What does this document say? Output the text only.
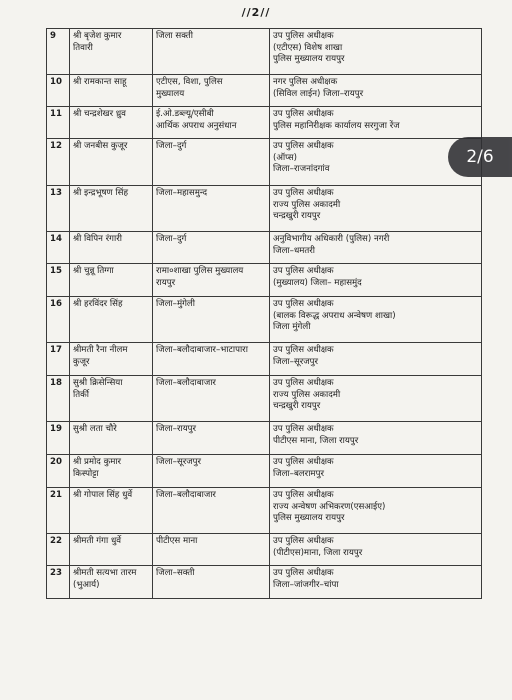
//2//
9	श्री बृजेश कुमार
तिवारी	जिला सक्ती	उप पुलिस अधीक्षक
(एटीएस) विशेष शाखा
पुलिस मुख्यालय रायपुर

10	श्री रामकान्त साहू	एटीएस, विशा, पुलिस
मुख्यालय	नगर पुलिस अधीक्षक
(सिविल लाईन) जिला–रायपुर

11	श्री चन्द्रशेखर ध्रुव	ई.ओ.डब्ल्यू/एसीबी
आर्थिक अपराध अनुसंधान	उप पुलिस अधीक्षक
पुलिस महानिरीक्षक कार्यालय सरगुजा रेंज

12	श्री जनबीस कुजूर	जिला–दुर्ग	उप पुलिस अधीक्षक
(ऑप्स)
जिला–राजनांदगांव

13	श्री इन्द्रभूषण सिंह	जिला–महासमुन्द	उप पुलिस अधीक्षक
राज्य पुलिस अकादमी
चन्द्रखुरी रायपुर

14	श्री विपिन रंगारी	जिला–दुर्ग	अनुविभागीय अधिकारी (पुलिस) नगरी
जिला–धमतरी

15	श्री चुन्नू तिग्गा	रामा०शाखा पुलिस मुख्यालय
रायपुर	उप पुलिस अधीक्षक
(मुख्यालय) जिला– महासमुंद

16	श्री हरविंदर सिंह	जिला–मुंगेली	उप पुलिस अधीक्षक
(बालक विरूद्ध अपराध अन्वेषण शाखा)
जिला मुंगेली

17	श्रीमती रैना नीलम
कुजूर	जिला–बलौदाबाजार–भाटापारा	उप पुलिस अधीक्षक
जिला–सूरजपुर

18	सुश्री क्रिसेन्सिया
तिर्की	जिला–बलौदाबाजार	उप पुलिस अधीक्षक
राज्य पुलिस अकादमी
चन्द्रखुरी रायपुर

19	सुश्री लता चौरे	जिला–रायपुर	उप पुलिस अधीक्षक
पीटीएस माना, जिला रायपुर

20	श्री प्रमोद कुमार
किस्पोट्टा	जिला–सूरजपुर	उप पुलिस अधीक्षक
जिला–बलरामपुर

21	श्री गोपाल सिंह धुर्वे	जिला–बलौदाबाजार	उप पुलिस अधीक्षक
राज्य अन्वेषण अभिकरण(एसआईए)
पुलिस मुख्यालय रायपुर

22	श्रीमती गंगा धुर्वे	पीटीएस माना	उप पुलिस अधीक्षक
(पीटीएस)माना, जिला रायपुर

23	श्रीमती सत्यभा तारम
(भुआर्य)	जिला–सक्ती	उप पुलिस अधीक्षक
जिला–जांजगीर–चांपा
2/6
